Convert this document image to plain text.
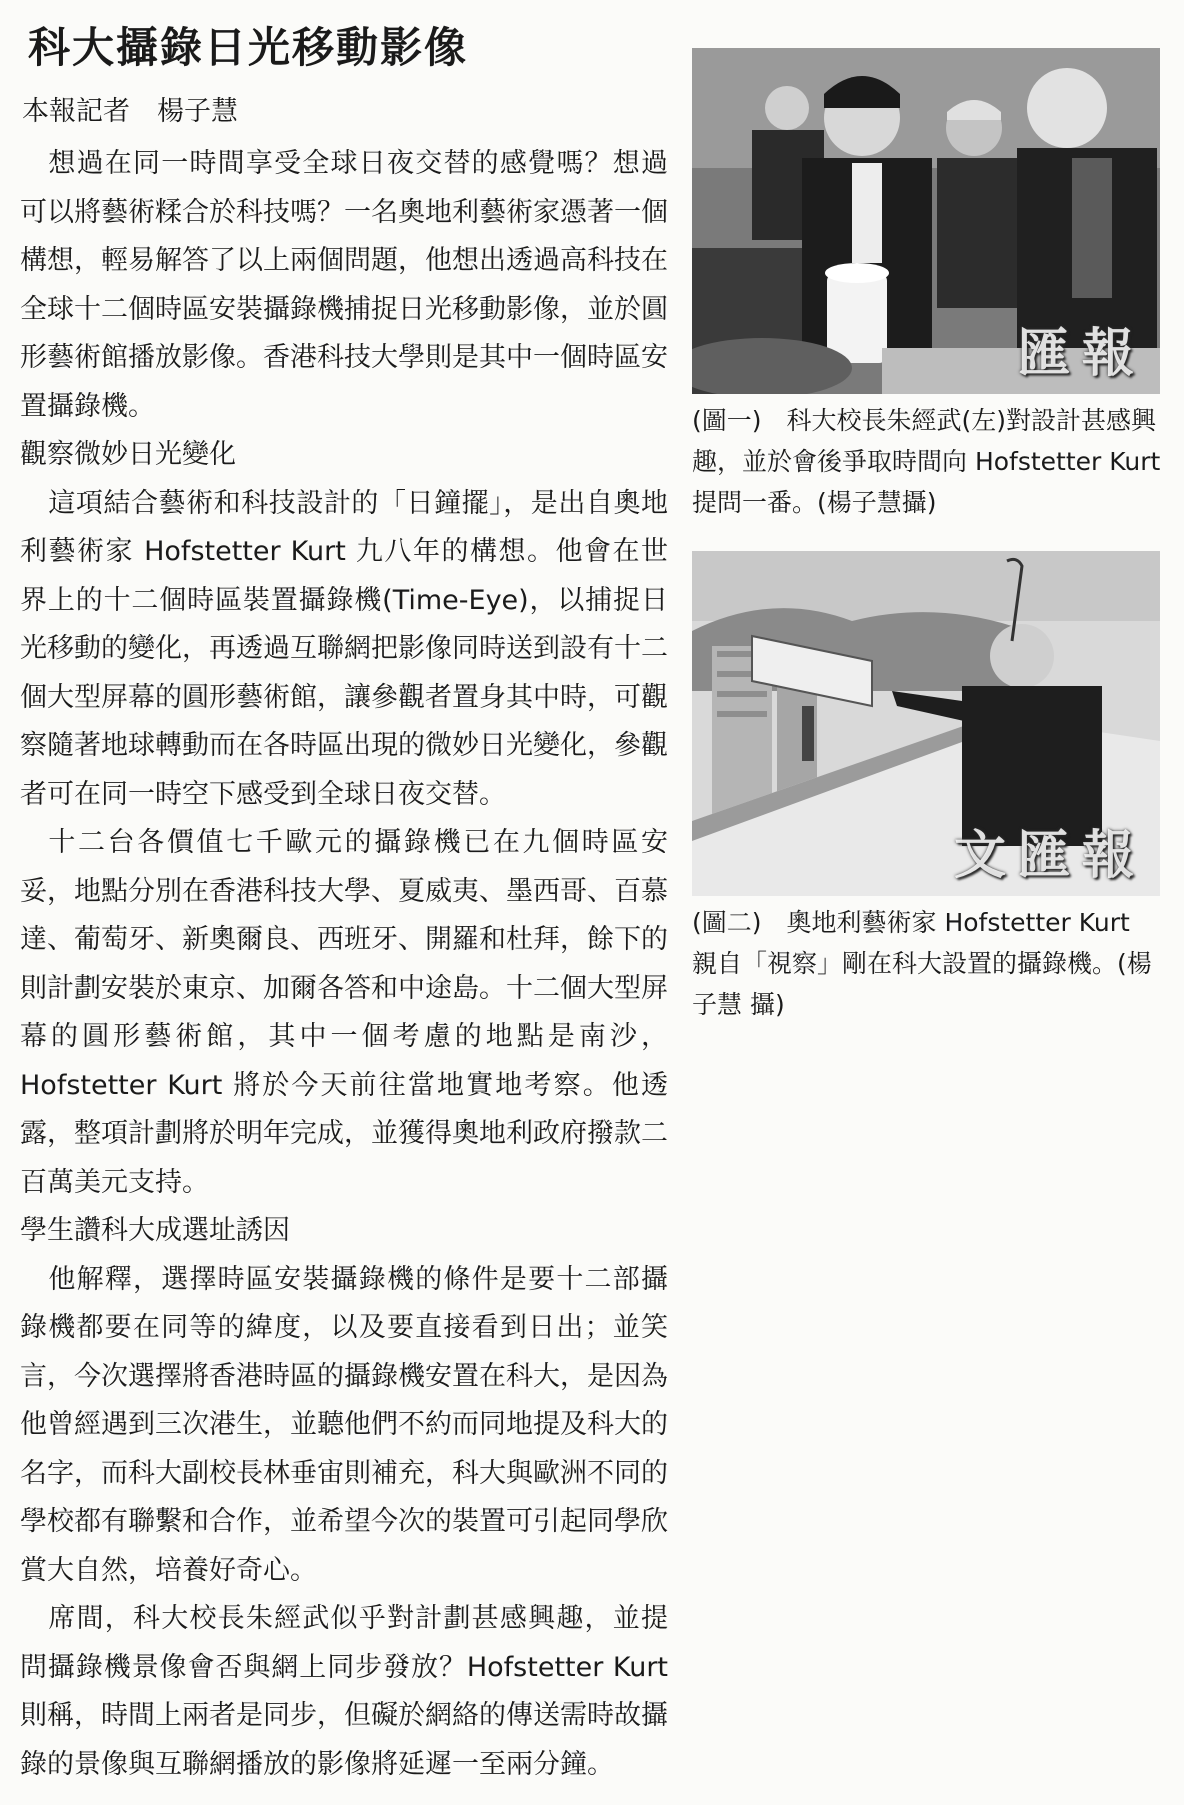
科大攝錄日光移動影像
本報記者　楊子慧

想過在同一時間享受全球日夜交替的感覺嗎？想過可以將藝術糅合於科技嗎？一名奧地利藝術家憑著一個構想，輕易解答了以上兩個問題，他想出透過高科技在全球十二個時區安裝攝錄機捕捉日光移動影像，並於圓形藝術館播放影像。香港科技大學則是其中一個時區安置攝錄機。

觀察微妙日光變化

這項結合藝術和科技設計的「日鐘擺」，是出自奧地利藝術家 Hofstetter Kurt 九八年的構想。他會在世界上的十二個時區裝置攝錄機(Time-Eye)，以捕捉日光移動的變化，再透過互聯網把影像同時送到設有十二個大型屏幕的圓形藝術館，讓參觀者置身其中時，可觀察隨著地球轉動而在各時區出現的微妙日光變化，參觀者可在同一時空下感受到全球日夜交替。

十二台各價值七千歐元的攝錄機已在九個時區安妥，地點分別在香港科技大學、夏威夷、墨西哥、百慕達、葡萄牙、新奧爾良、西班牙、開羅和杜拜，餘下的則計劃安裝於東京、加爾各答和中途島。十二個大型屏幕的圓形藝術館，其中一個考慮的地點是南沙，Hofstetter Kurt 將於今天前往當地實地考察。他透露，整項計劃將於明年完成，並獲得奧地利政府撥款二百萬美元支持。

學生讚科大成選址誘因

他解釋，選擇時區安裝攝錄機的條件是要十二部攝錄機都要在同等的緯度，以及要直接看到日出；並笑言，今次選擇將香港時區的攝錄機安置在科大，是因為他曾經遇到三次港生，並聽他們不約而同地提及科大的名字，而科大副校長林垂宙則補充，科大與歐洲不同的學校都有聯繫和合作，並希望今次的裝置可引起同學欣賞大自然，培養好奇心。

席間，科大校長朱經武似乎對計劃甚感興趣，並提問攝錄機景像會否與網上同步發放？Hofstetter Kurt 則稱，時間上兩者是同步，但礙於網絡的傳送需時故攝錄的景像與互聯網播放的影像將延遲一至兩分鐘。

匯報

(圖一)　科大校長朱經武(左)對設計甚感興趣，並於會後爭取時間向 Hofstetter Kurt 提問一番。(楊子慧攝)

文匯報

(圖二)　奧地利藝術家 Hofstetter Kurt 親自「視察」剛在科大設置的攝錄機。(楊子慧 攝)
